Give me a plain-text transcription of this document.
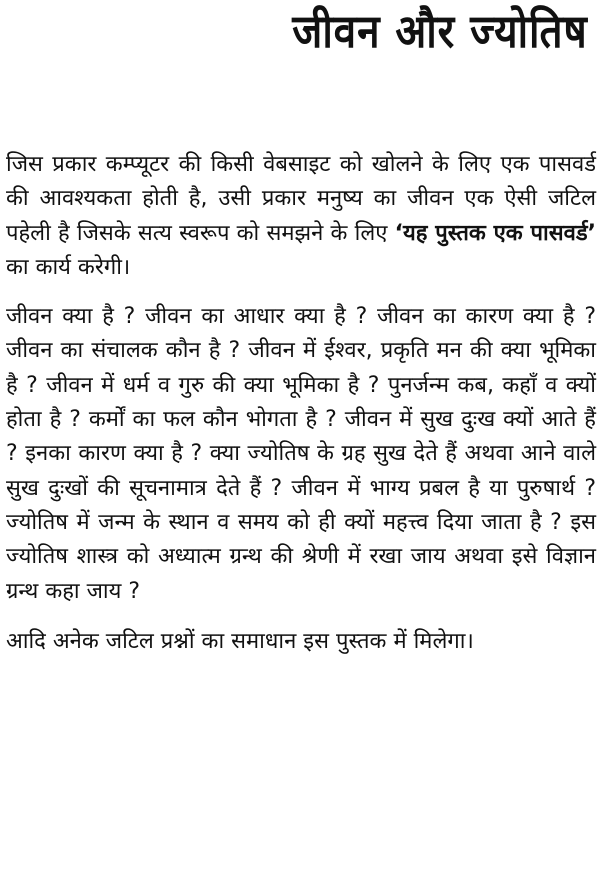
जीवन और ज्योतिष

जिस प्रकार कम्प्यूटर की किसी वेबसाइट को खोलने के लिए एक पासवर्ड की आवश्यकता होती है, उसी प्रकार मनुष्य का जीवन एक ऐसी जटिल पहेली है जिसके सत्य स्वरूप को समझने के लिए ‘यह पुस्तक एक पासवर्ड’ का कार्य करेगी।

जीवन क्या है ? जीवन का आधार क्या है ? जीवन का कारण क्या है ? जीवन का संचालक कौन है ? जीवन में ईश्वर, प्रकृति मन की क्या भूमिका है ? जीवन में धर्म व गुरु की क्या भूमिका है ? पुनर्जन्म कब, कहाँ व क्यों होता है ? कर्मों का फल कौन भोगता है ? जीवन में सुख दुःख क्यों आते हैं ? इनका कारण क्या है ? क्या ज्योतिष के ग्रह सुख देते हैं अथवा आने वाले सुख दुःखों की सूचनामात्र देते हैं ? जीवन में भाग्य प्रबल है या पुरुषार्थ ? ज्योतिष में जन्म के स्थान व समय को ही क्यों महत्त्व दिया जाता है ? इस ज्योतिष शास्त्र को अध्यात्म ग्रन्थ की श्रेणी में रखा जाय अथवा इसे विज्ञान ग्रन्थ कहा जाय ?

आदि अनेक जटिल प्रश्नों का समाधान इस पुस्तक में मिलेगा।
